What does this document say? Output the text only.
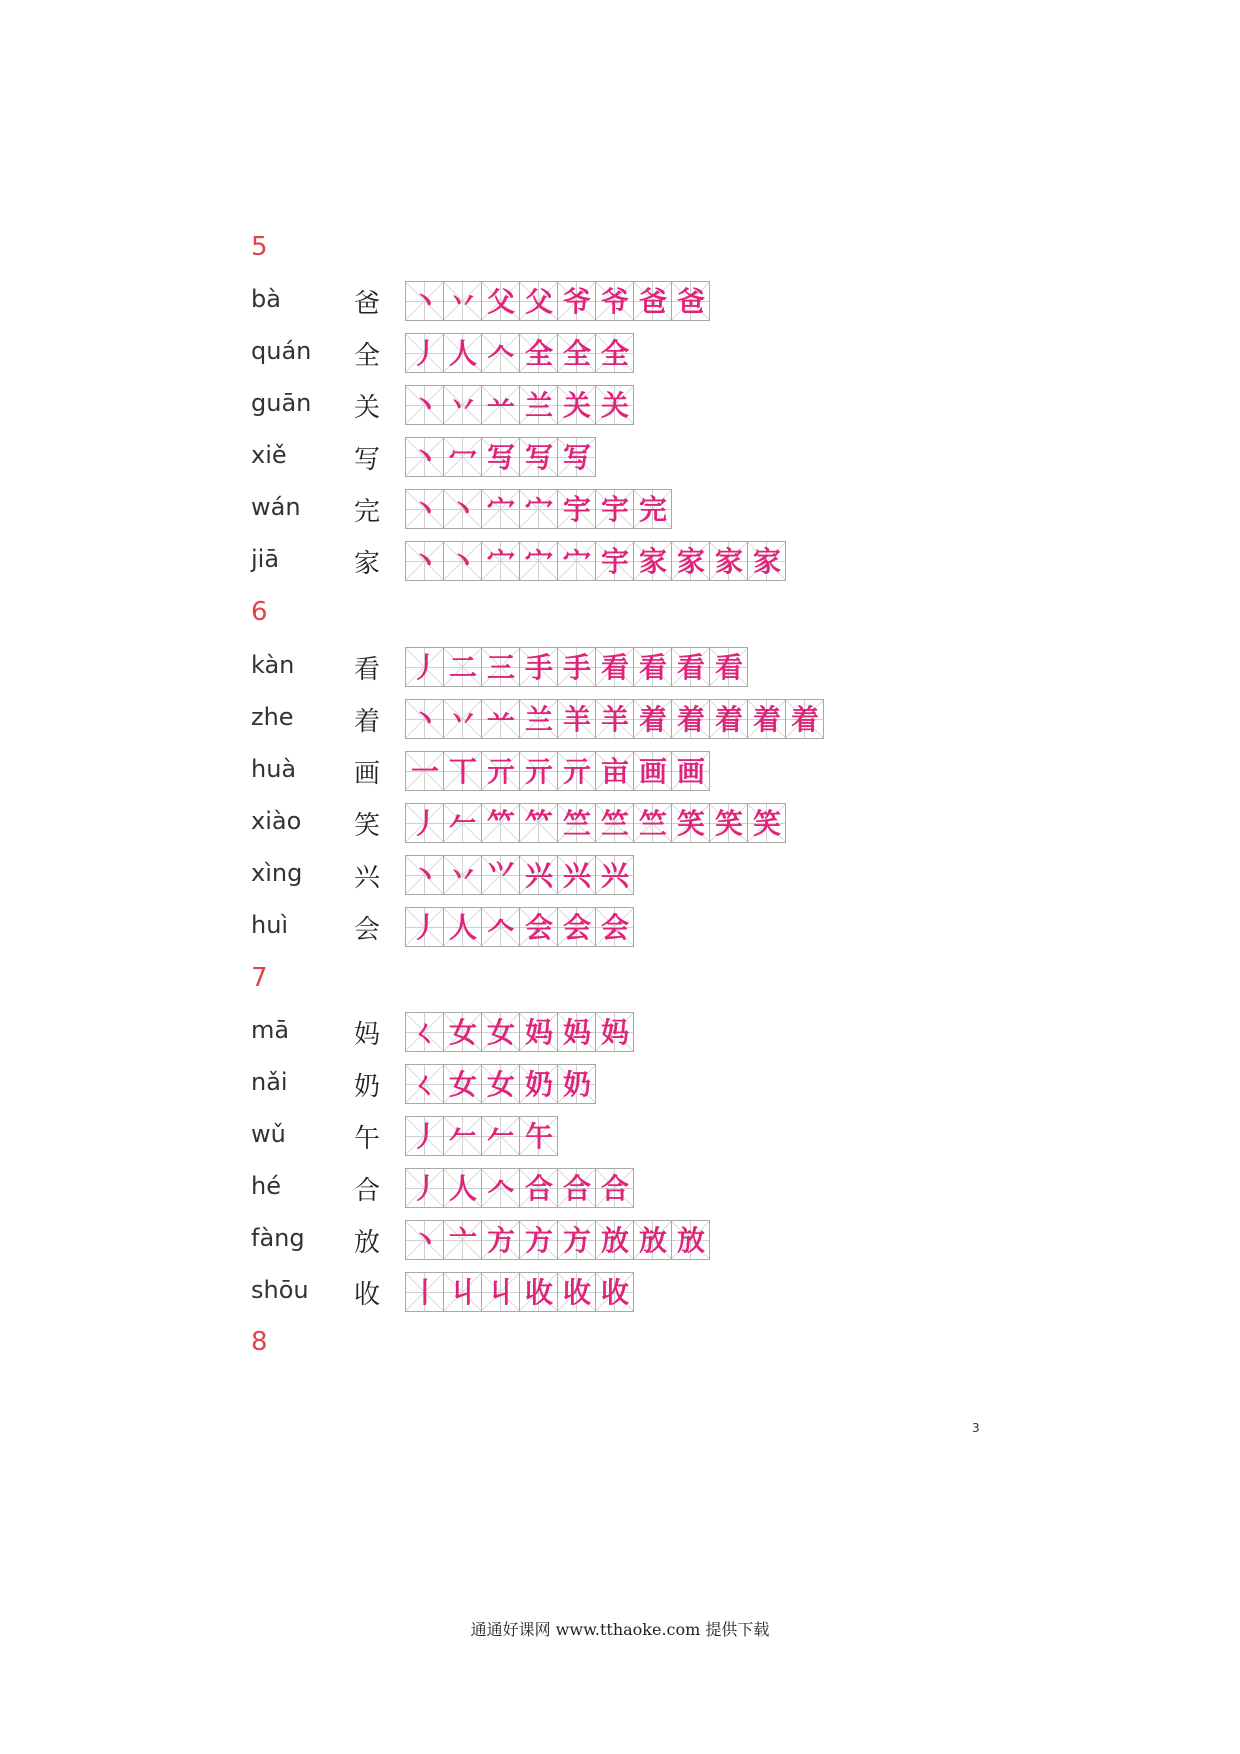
5
bà	爸 丶 丷 父 父 爷 爷 爸 爸
quán 全 丿 人 𠆢 全 全 全
guān 关 丶 丷 䒑 兰 关 关
xiě	写 丶 冖 写 写 写
wán 完 丶 丶 宀 宀 宇 宇 完
jiā	家 丶 丶 宀 宀 宀 宇 家 家 家 家
6
kàn 看 丿 二 三 手 手 看 看 看 看
zhe 着 丶 丷 䒑 兰 羊 羊 着 着 着 着 着
huà 画 一 丅 亓 亓 亓 亩 画 画
xiào 笑 丿 𠂉 𥫗 𥫗 竺 竺 竺 笑 笑 笑
xìng 兴 丶 丷 ⺍ 兴 兴 兴
huì	会 丿 人 𠆢 会 会 会
7
mā 妈 ㄑ 女 女 妈 妈 妈
nǎi	奶 ㄑ 女 女 奶 奶
wǔ	午 丿 𠂉 𠂉 午
hé	合 丿 人 𠆢 合 合 合
fàng 放 丶 亠 方 方 方 放 放 放
shōu 收 丨 丩 丩 收 收 收
8
3
通通好课网 www.tthaoke.com 提供下载
